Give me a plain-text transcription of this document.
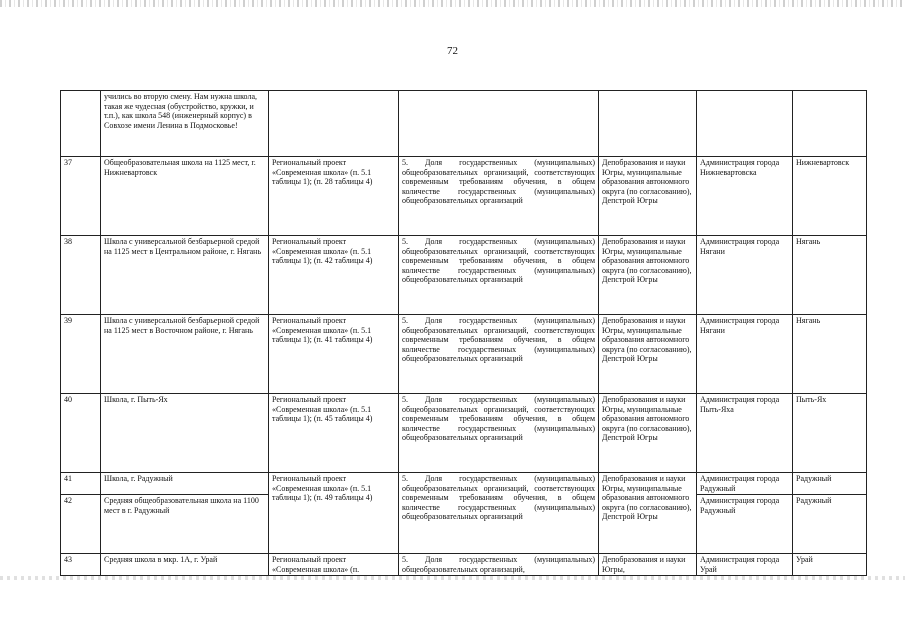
72
	учились во вторую смену. Нам нужна школа, такая же чудесная (обустройство, кружки, и т.п.), как школа 548 (инженерный корпус) в Совхозе имени Ленина в Подмосковье!					
37	Общеобразовательная школа на 1125 мест, г. Нижневартовск	Региональный проект «Современная школа» (п. 5.1 таблицы 1); (п. 28 таблицы 4)	5. Доля государственных (муниципальных) общеобразовательных организаций, соответствующих современным требованиям обучения, в общем количестве государственных (муниципальных) общеобразовательных организаций	Депобразования и науки Югры, муниципальные образования автономного округа (по согласованию), Депстрой Югры	Администрация города Нижневартовска	Нижневартовск
38	Школа с универсальной безбарьерной средой на 1125 мест в Центральном районе, г. Нягань	Региональный проект «Современная школа» (п. 5.1 таблицы 1); (п. 42 таблицы 4)	5. Доля государственных (муниципальных) общеобразовательных организаций, соответствующих современным требованиям обучения, в общем количестве государственных (муниципальных) общеобразовательных организаций	Депобразования и науки Югры, муниципальные образования автономного округа (по согласованию), Депстрой Югры	Администрация города Нягани	Нягань
39	Школа с универсальной безбарьерной средой на 1125 мест в Восточном районе, г. Нягань	Региональный проект «Современная школа» (п. 5.1 таблицы 1); (п. 41 таблицы 4)	5. Доля государственных (муниципальных) общеобразовательных организаций, соответствующих современным требованиям обучения, в общем количестве государственных (муниципальных) общеобразовательных организаций	Депобразования и науки Югры, муниципальные образования автономного округа (по согласованию), Депстрой Югры	Администрация города Нягани	Нягань
40	Школа, г. Пыть-Ях	Региональный проект «Современная школа» (п. 5.1 таблицы 1); (п. 45 таблицы 4)	5. Доля государственных (муниципальных) общеобразовательных организаций, соответствующих современным требованиям обучения, в общем количестве государственных (муниципальных) общеобразовательных организаций	Депобразования и науки Югры, муниципальные образования автономного округа (по согласованию), Депстрой Югры	Администрация города Пыть-Яха	Пыть-Ях
41	Школа, г. Радужный	Региональный проект «Современная школа» (п. 5.1 таблицы 1); (п. 49 таблицы 4)	5. Доля государственных (муниципальных) общеобразовательных организаций, соответствующих современным требованиям обучения, в общем количестве государственных (муниципальных) общеобразовательных организаций	Депобразования и науки Югры, муниципальные образования автономного округа (по согласованию), Депстрой Югры	Администрация города Радужный	Радужный
42	Средняя общеобразовательная школа на 1100 мест в г. Радужный				Администрация города Радужный	Радужный
43	Средняя школа в мкр. 1А, г. Урай	Региональный проект «Современная школа» (п.	5. Доля государственных (муниципальных) общеобразовательных организаций,	Депобразования и науки Югры,	Администрация города Урай	Урай
